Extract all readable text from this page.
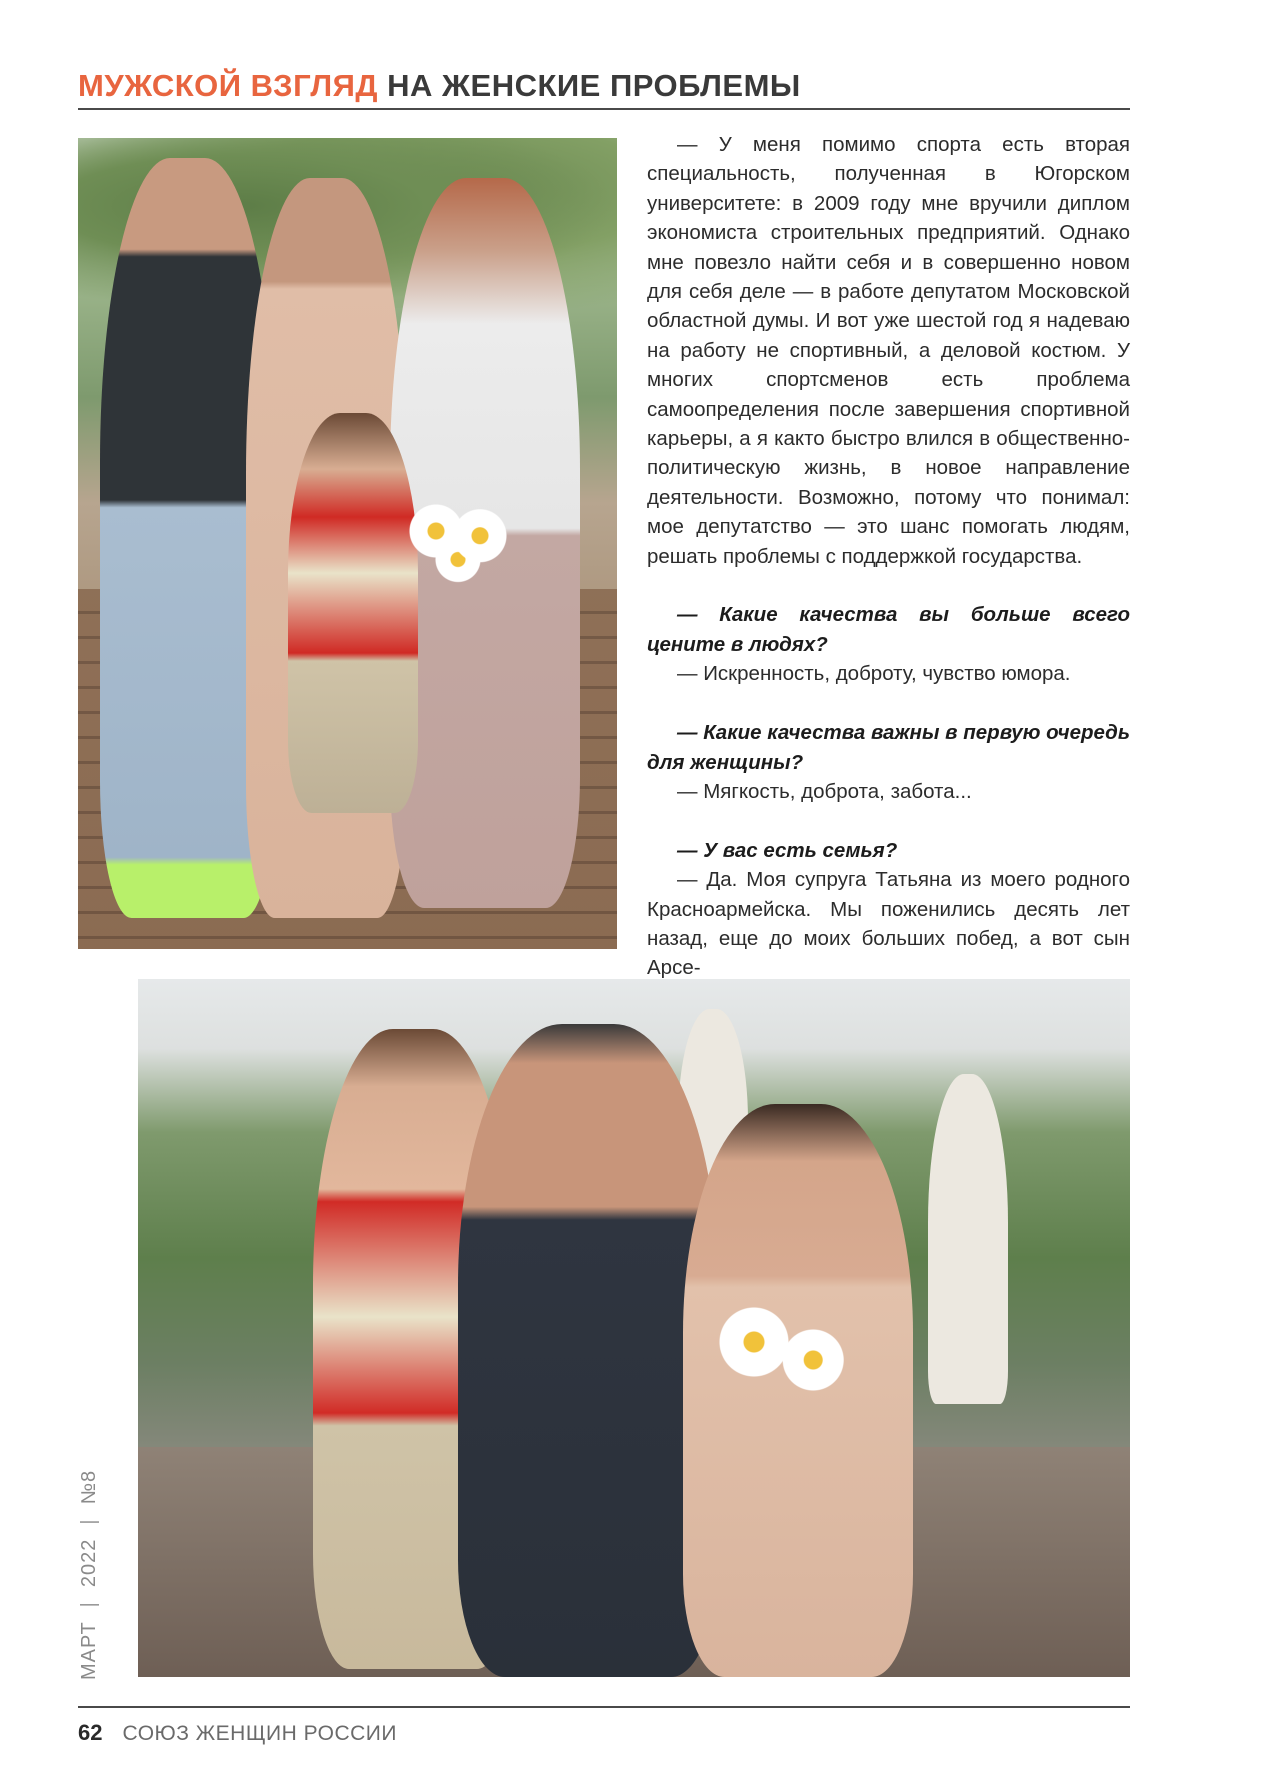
МУЖСКОЙ ВЗГЛЯД НА ЖЕНСКИЕ ПРОБЛЕМЫ

— У меня помимо спорта есть вторая специальность, полученная в Югорском университете: в 2009 году мне вручили диплом экономиста строительных предприятий. Однако мне повезло найти себя и в совершенно новом для себя деле — в работе депутатом Московской областной думы. И вот уже шестой год я надеваю на работу не спортивный, а деловой костюм. У многих спортсменов есть проблема самоопределения после завершения спортивной карьеры, а я както быстро влился в общественно-политическую жизнь, в новое направление деятельности. Возможно, потому что понимал: мое депутатство — это шанс помогать людям, решать проблемы с поддержкой государства.

— Какие качества вы больше всего цените в людях?

— Искренность, доброту, чувство юмора.

— Какие качества важны в первую очередь для женщины?

— Мягкость, доброта, забота...

— У вас есть семья?

— Да. Моя супруга Татьяна из моего родного Красноармейска. Мы поженились десять лет назад, еще до моих больших побед, а вот сын Арсе-

МАРТ|2022|№8
62 СОЮЗ ЖЕНЩИН РОССИИ
